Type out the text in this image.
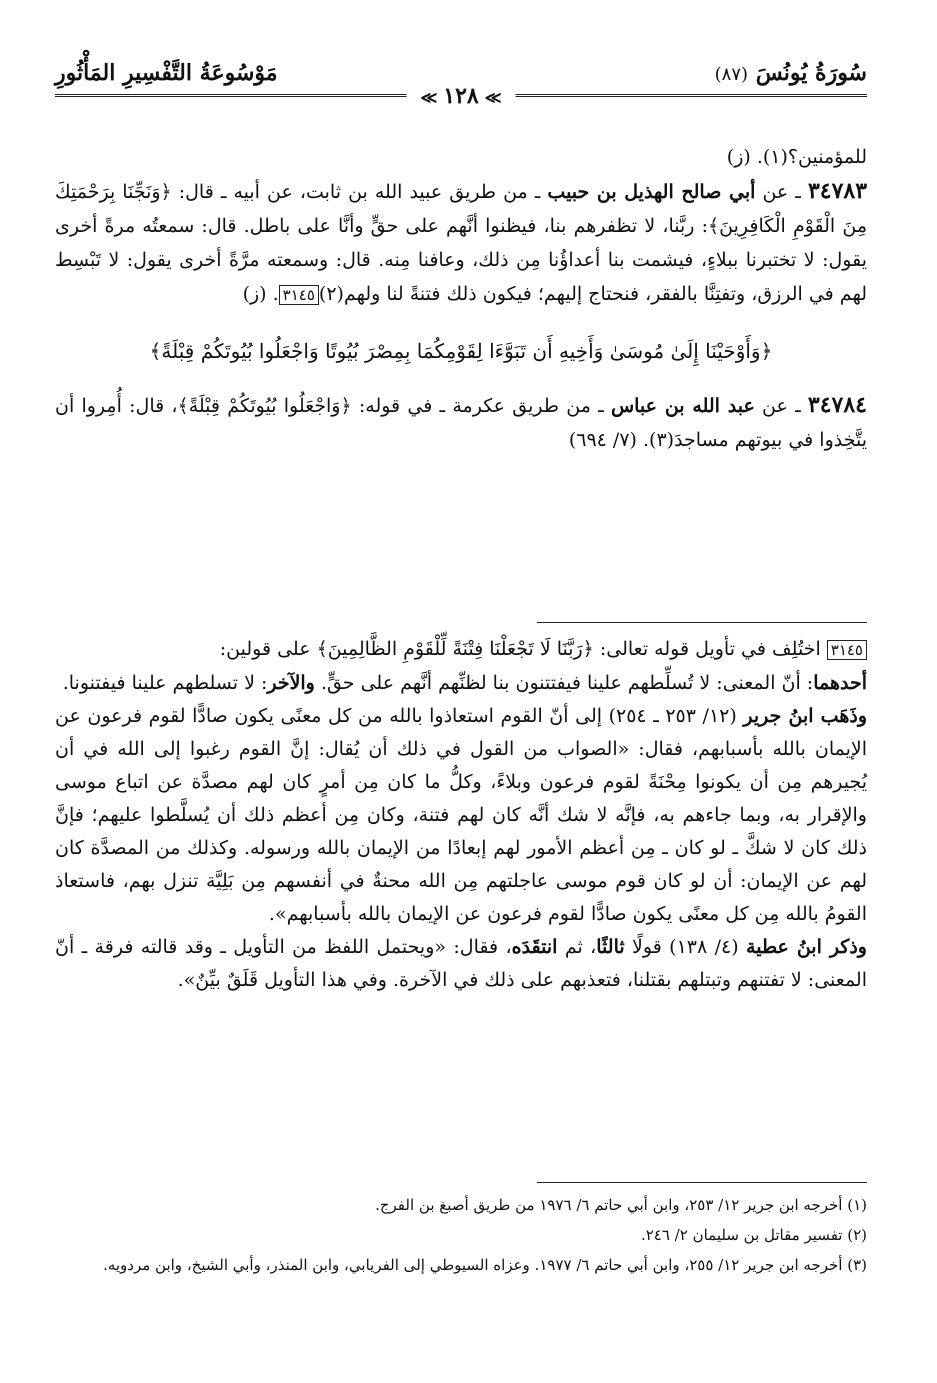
سُورَةُ يُونُسَ (٨٧)
مَوْسُوعَةُ التَّفْسِيرِ المَأْثُورِ
≫ ١٢٨ ≫

للمؤمنين؟(١). (ز)

٣٤٧٨٣ ـ عن أبي صالح الهذيل بن حبيب ـ من طريق عبيد الله بن ثابت، عن أبيه ـ قال: ﴿وَنَجِّنَا بِرَحْمَتِكَ مِنَ الْقَوْمِ الْكَافِرِينَ﴾: ربَّنا، لا تظفرهم بنا، فيظنوا أنَّهم على حقٍّ وأنَّا على باطل. قال: سمعتُه مرةً أخرى يقول: لا تختبرنا ببلاءٍ، فيشمت بنا أعداؤُنا مِن ذلك، وعافنا مِنه. قال: وسمعته مرَّةً أخرى يقول: لا تَبْسِط لهم في الرزق، وتفتِنَّا بالفقر، فنحتاج إليهم؛ فيكون ذلك فتنةً لنا ولهم(٢)٣١٤٥. (ز)

﴿وَأَوْحَيْنَا إِلَىٰ مُوسَىٰ وَأَخِيهِ أَن تَبَوَّءَا لِقَوْمِكُمَا بِمِصْرَ بُيُوتًا وَاجْعَلُوا بُيُوتَكُمْ قِبْلَةً﴾

٣٤٧٨٤ ـ عن عبد الله بن عباس ـ من طريق عكرمة ـ في قوله: ﴿وَاجْعَلُوا بُيُوتَكُمْ قِبْلَةً﴾، قال: أُمِروا أن يتَّخِذوا في بيوتهم مساجدَ(٣). (٧/ ٦٩٤)

٣١٤٥ اختُلِف في تأويل قوله تعالى: ﴿رَبَّنَا لَا تَجْعَلْنَا فِتْنَةً لِّلْقَوْمِ الظَّالِمِينَ﴾ على قولين:

أحدهما: أنّ المعنى: لا تُسلِّطهم علينا فيفتتنون بنا لظنِّهم أنَّهم على حقٍّ. والآخر: لا تسلطهم علينا فيفتنونا.

وذَهَب ابنُ جرير (١٢/ ٢٥٣ ـ ٢٥٤) إلى أنّ القوم استعاذوا بالله من كل معنًى يكون صادًّا لقوم فرعون عن الإيمان بالله بأسبابهم، فقال: «الصواب من القول في ذلك أن يُقال: إنَّ القوم رغبوا إلى الله في أن يُجيرهم مِن أن يكونوا مِحْنَةً لقوم فرعون وبلاءً، وكلُّ ما كان مِن أمرٍ كان لهم مصدَّة عن اتباع موسى والإقرار به، وبما جاءهم به، فإنَّه لا شك أنَّه كان لهم فتنة، وكان مِن أعظم ذلك أن يُسلَّطوا عليهم؛ فإنَّ ذلك كان لا شكَّ ـ لو كان ـ مِن أعظم الأمور لهم إبعادًا من الإيمان بالله ورسوله. وكذلك من المصدَّة كان لهم عن الإيمان: أن لو كان قوم موسى عاجلتهم مِن الله محنةٌ في أنفسهم مِن بَلِيَّة تنزل بهم، فاستعاذ القومُ بالله مِن كل معنًى يكون صادًّا لقوم فرعون عن الإيمان بالله بأسبابهم».

وذكر ابنُ عطية (٤/ ١٣٨) قولًا ثالثًا، ثم انتقَدَه، فقال: «ويحتمل اللفظ من التأويل ـ وقد قالته فرقة ـ أنّ المعنى: لا تفتنهم وتبتلهم بقتلنا، فتعذبهم على ذلك في الآخرة. وفي هذا التأويل قَلَقٌ بيِّنٌ».

(١) أخرجه ابن جرير ١٢/ ٢٥٣، وابن أبي حاتم ٦/ ١٩٧٦ من طريق أصبغ بن الفرج.

(٢) تفسير مقاتل بن سليمان ٢/ ٢٤٦.

(٣) أخرجه ابن جرير ١٢/ ٢٥٥، وابن أبي حاتم ٦/ ١٩٧٧. وعزاه السيوطي إلى الفريابي، وابن المنذر، وأبي الشيخ، وابن مردويه.
